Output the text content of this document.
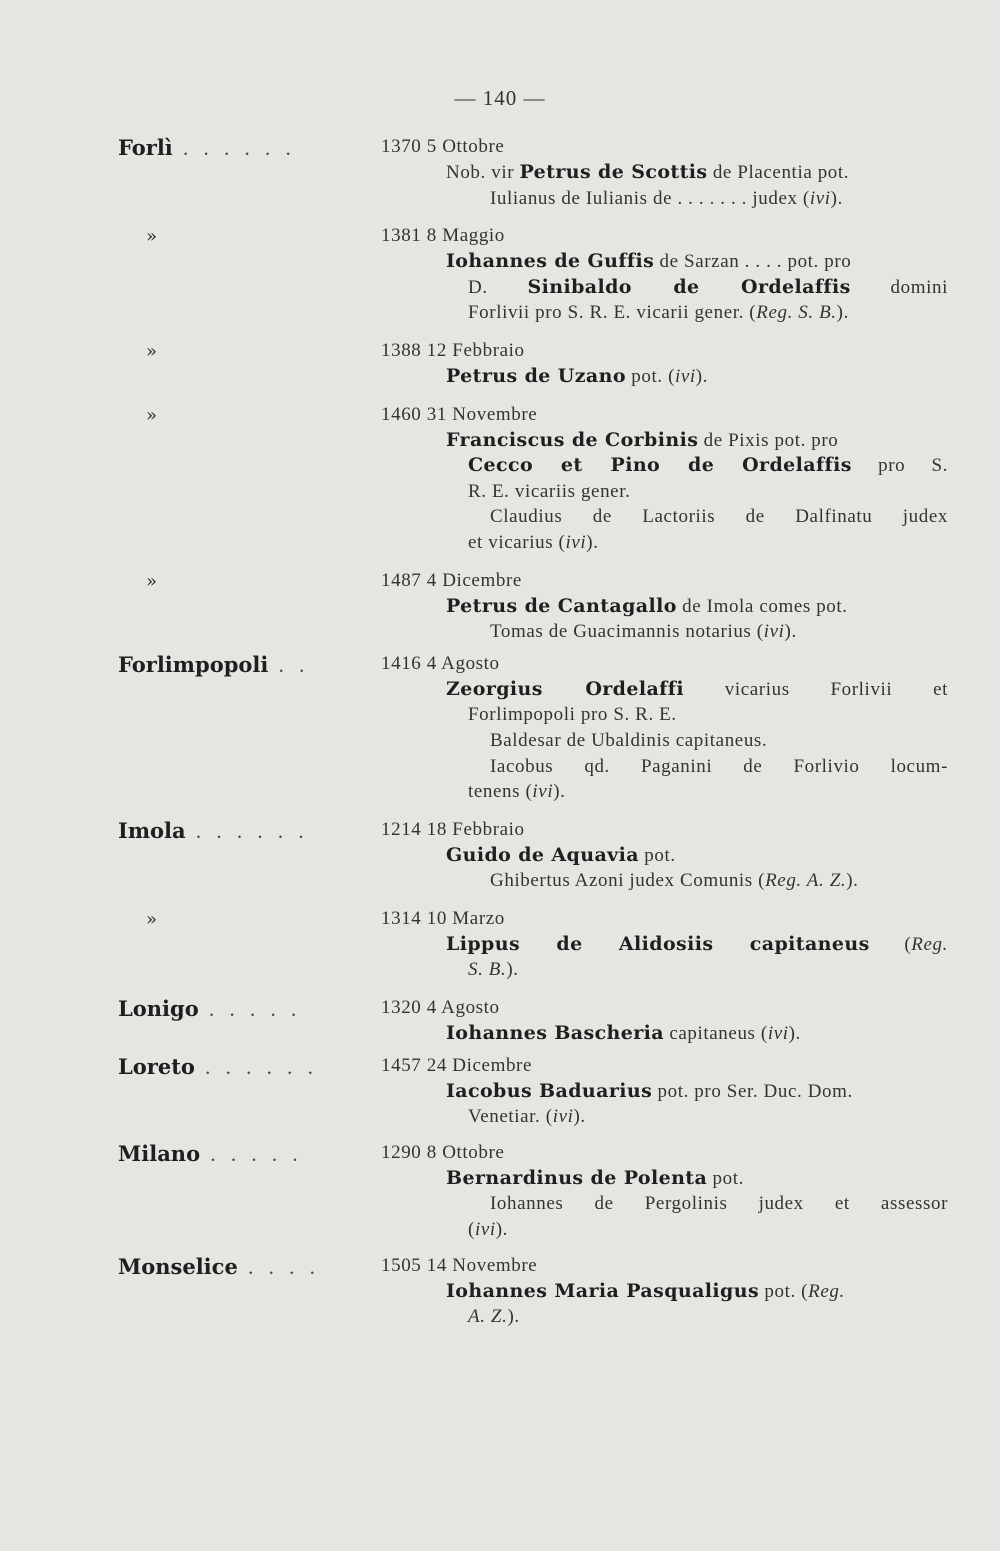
— 140 —
Forlì . . . . . .	1370 5 Ottobre
Nob. vir Petrus de Scottis de Placentia pot.
Iulianus de Iulianis de . . . . . . . judex (ivi).
»	1381 8 Maggio
Iohannes de Guffis de Sarzan . . . . pot. pro
D. Sinibaldo de Ordelaffis domini
Forlivii pro S. R. E. vicarii gener. (Reg. S. B.).
»	1388 12 Febbraio
Petrus de Uzano pot. (ivi).
»	1460 31 Novembre
Franciscus de Corbinis de Pixis pot. pro
Cecco et Pino de Ordelaffis pro S.
R. E. vicariis gener.
Claudius de Lactoriis de Dalfinatu judex
et vicarius (ivi).
»	1487 4 Dicembre
Petrus de Cantagallo de Imola comes pot.
Tomas de Guacimannis notarius (ivi).
Forlimpopoli . .	1416 4 Agosto
Zeorgius Ordelaffi vicarius Forlivii et
Forlimpopoli pro S. R. E.
Baldesar de Ubaldinis capitaneus.
Iacobus qd. Paganini de Forlivio locum-
tenens (ivi).
Imola . . . . . .	1214 18 Febbraio
Guido de Aquavia pot.
Ghibertus Azoni judex Comunis (Reg. A. Z.).
»	1314 10 Marzo
Lippus de Alidosiis capitaneus (Reg.
S. B.).
Lonigo . . . . .	1320 4 Agosto
Iohannes Bascheria capitaneus (ivi).
Loreto . . . . . .	1457 24 Dicembre
Iacobus Baduarius pot. pro Ser. Duc. Dom.
Venetiar. (ivi).
Milano . . . . .	1290 8 Ottobre
Bernardinus de Polenta pot.
Iohannes de Pergolinis judex et assessor
(ivi).
Monselice . . . .	1505 14 Novembre
Iohannes Maria Pasqualigus pot. (Reg.
A. Z.).
